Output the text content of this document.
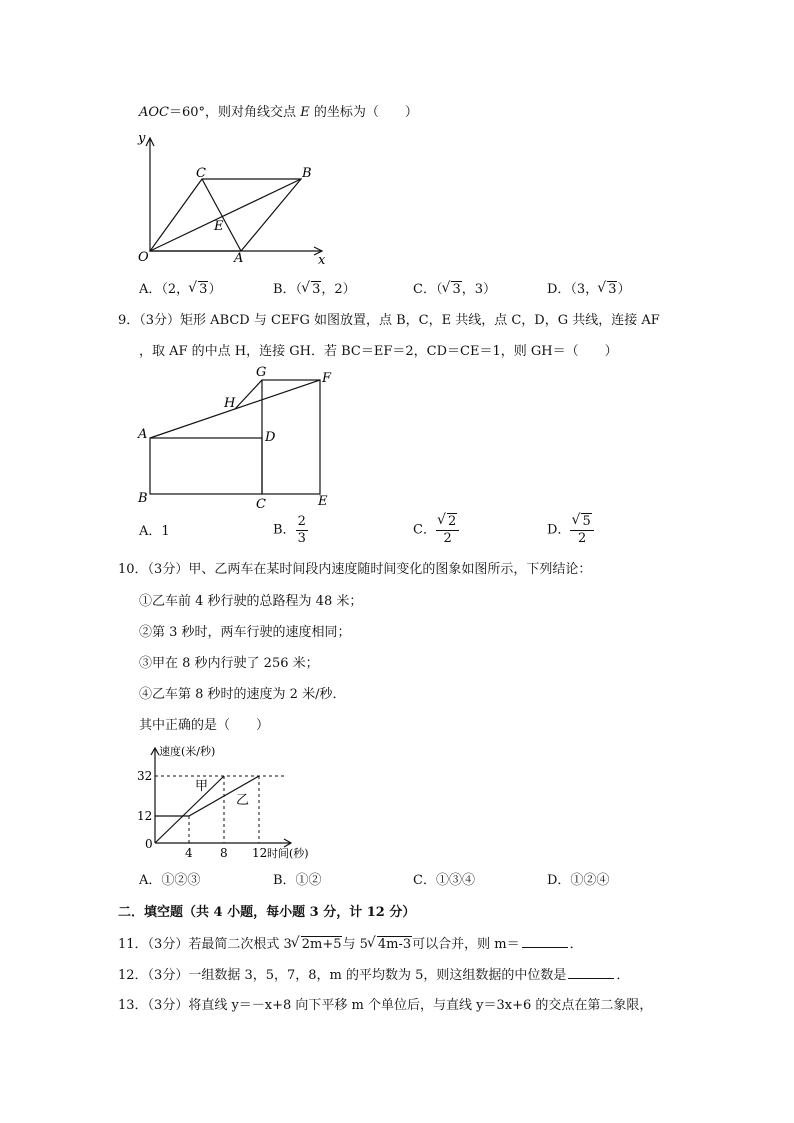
AOC＝60°，则对角线交点 E 的坐标为（　　）
y
x
O	A
B
C
E
A．（2， √ 3）	B．（ √ 3，2）	C．（ √ 3，3）	D．（3， √ 3）
9．（3分）矩形 ABCD 与 CEFG 如图放置，点 B，C，E 共线，点 C，D，G 共线，连接 AF
，取 AF 的中点 H，连接 GH．若 BC＝EF＝2，CD＝CE＝1，则 GH＝（　　）
G	F
H
A	D
B	C	E
A．1	B． $\frac{2}{3}$	C． √ $\frac{2}{2}$	D． √ $\frac{5}{2}$
10．（3分）甲、乙两车在某时间段内速度随时间变化的图象如图所示，下列结论：
①乙车前 4 秒行驶的总路程为 48 米；
②第 3 秒时，两车行驶的速度相同；
③甲在 8 秒内行驶了 256 米；
④乙车第 8 秒时的速度为 2 米/秒．
其中正确的是（　　）
速度(米/秒)
时间(秒)
32
12
0
4 8 12
甲
乙
A．①②③	B．①②	C．①③④	D．①②④
二．填空题（共 4 小题，每小题 3 分，计 12 分）
11．（3分）若最简二次根式 3 √ 2m+5与 5 √ 4m-3可以合并，则 m＝	．
12．（3分）一组数据 3，5，7，8，m 的平均数为 5，则这组数据的中位数是	．
13．（3分）将直线 y＝－x+8 向下平移 m 个单位后，与直线 y＝3x+6 的交点在第二象限，
